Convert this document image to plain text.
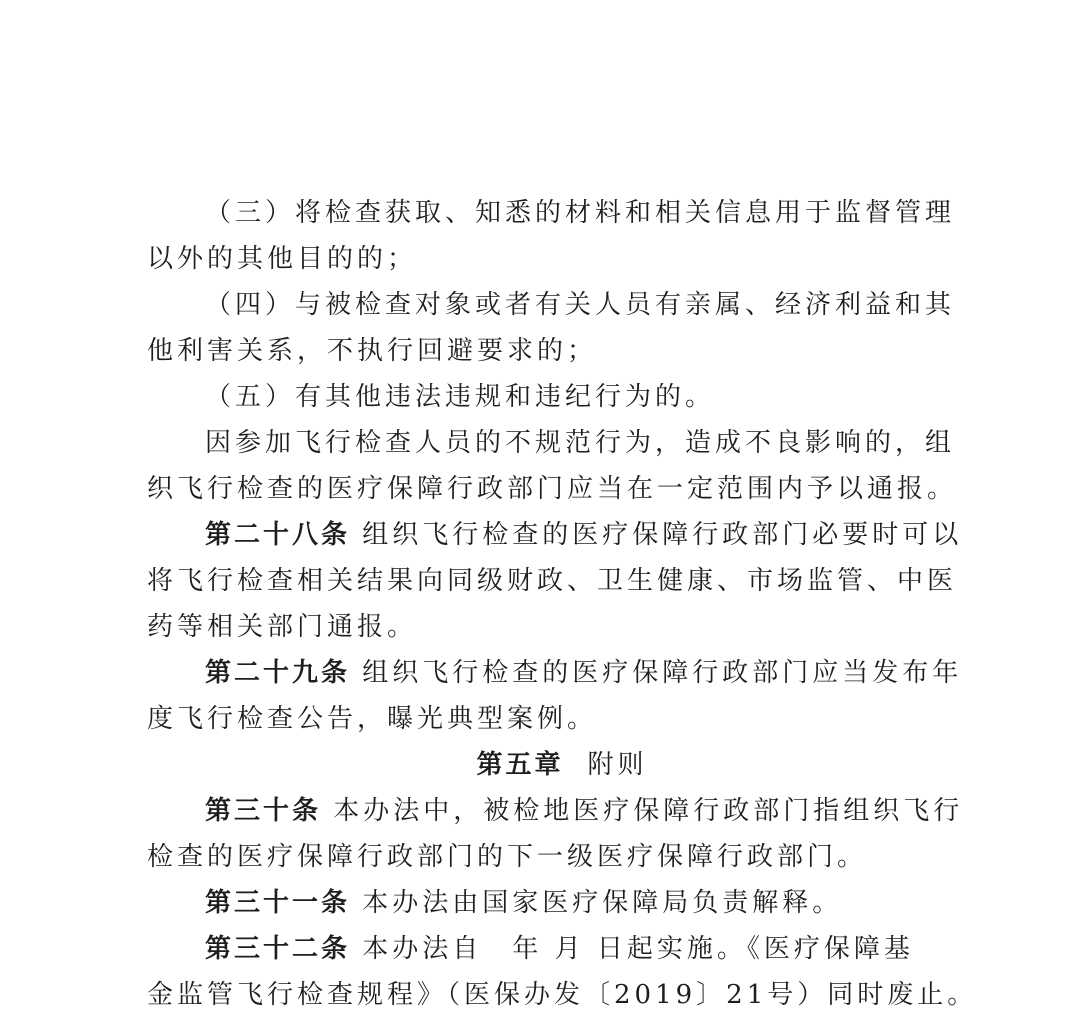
（三）将检查获取、知悉的材料和相关信息用于监督管理
以外的其他目的的；
（四）与被检查对象或者有关人员有亲属、经济利益和其
他利害关系，不执行回避要求的；
（五）有其他违法违规和违纪行为的。
因参加飞行检查人员的不规范行为，造成不良影响的，组
织飞行检查的医疗保障行政部门应当在一定范围内予以通报。
第二十八条 组织飞行检查的医疗保障行政部门必要时可以
将飞行检查相关结果向同级财政、卫生健康、市场监管、中医
药等相关部门通报。
第二十九条 组织飞行检查的医疗保障行政部门应当发布年
度飞行检查公告，曝光典型案例。
第五章 附则
第三十条 本办法中，被检地医疗保障行政部门指组织飞行
检查的医疗保障行政部门的下一级医疗保障行政部门。
第三十一条 本办法由国家医疗保障局负责解释。
第三十二条 本办法自 年 月 日起实施。《医疗保障基
金监管飞行检查规程》（医保办发〔2019〕21号）同时废止。
